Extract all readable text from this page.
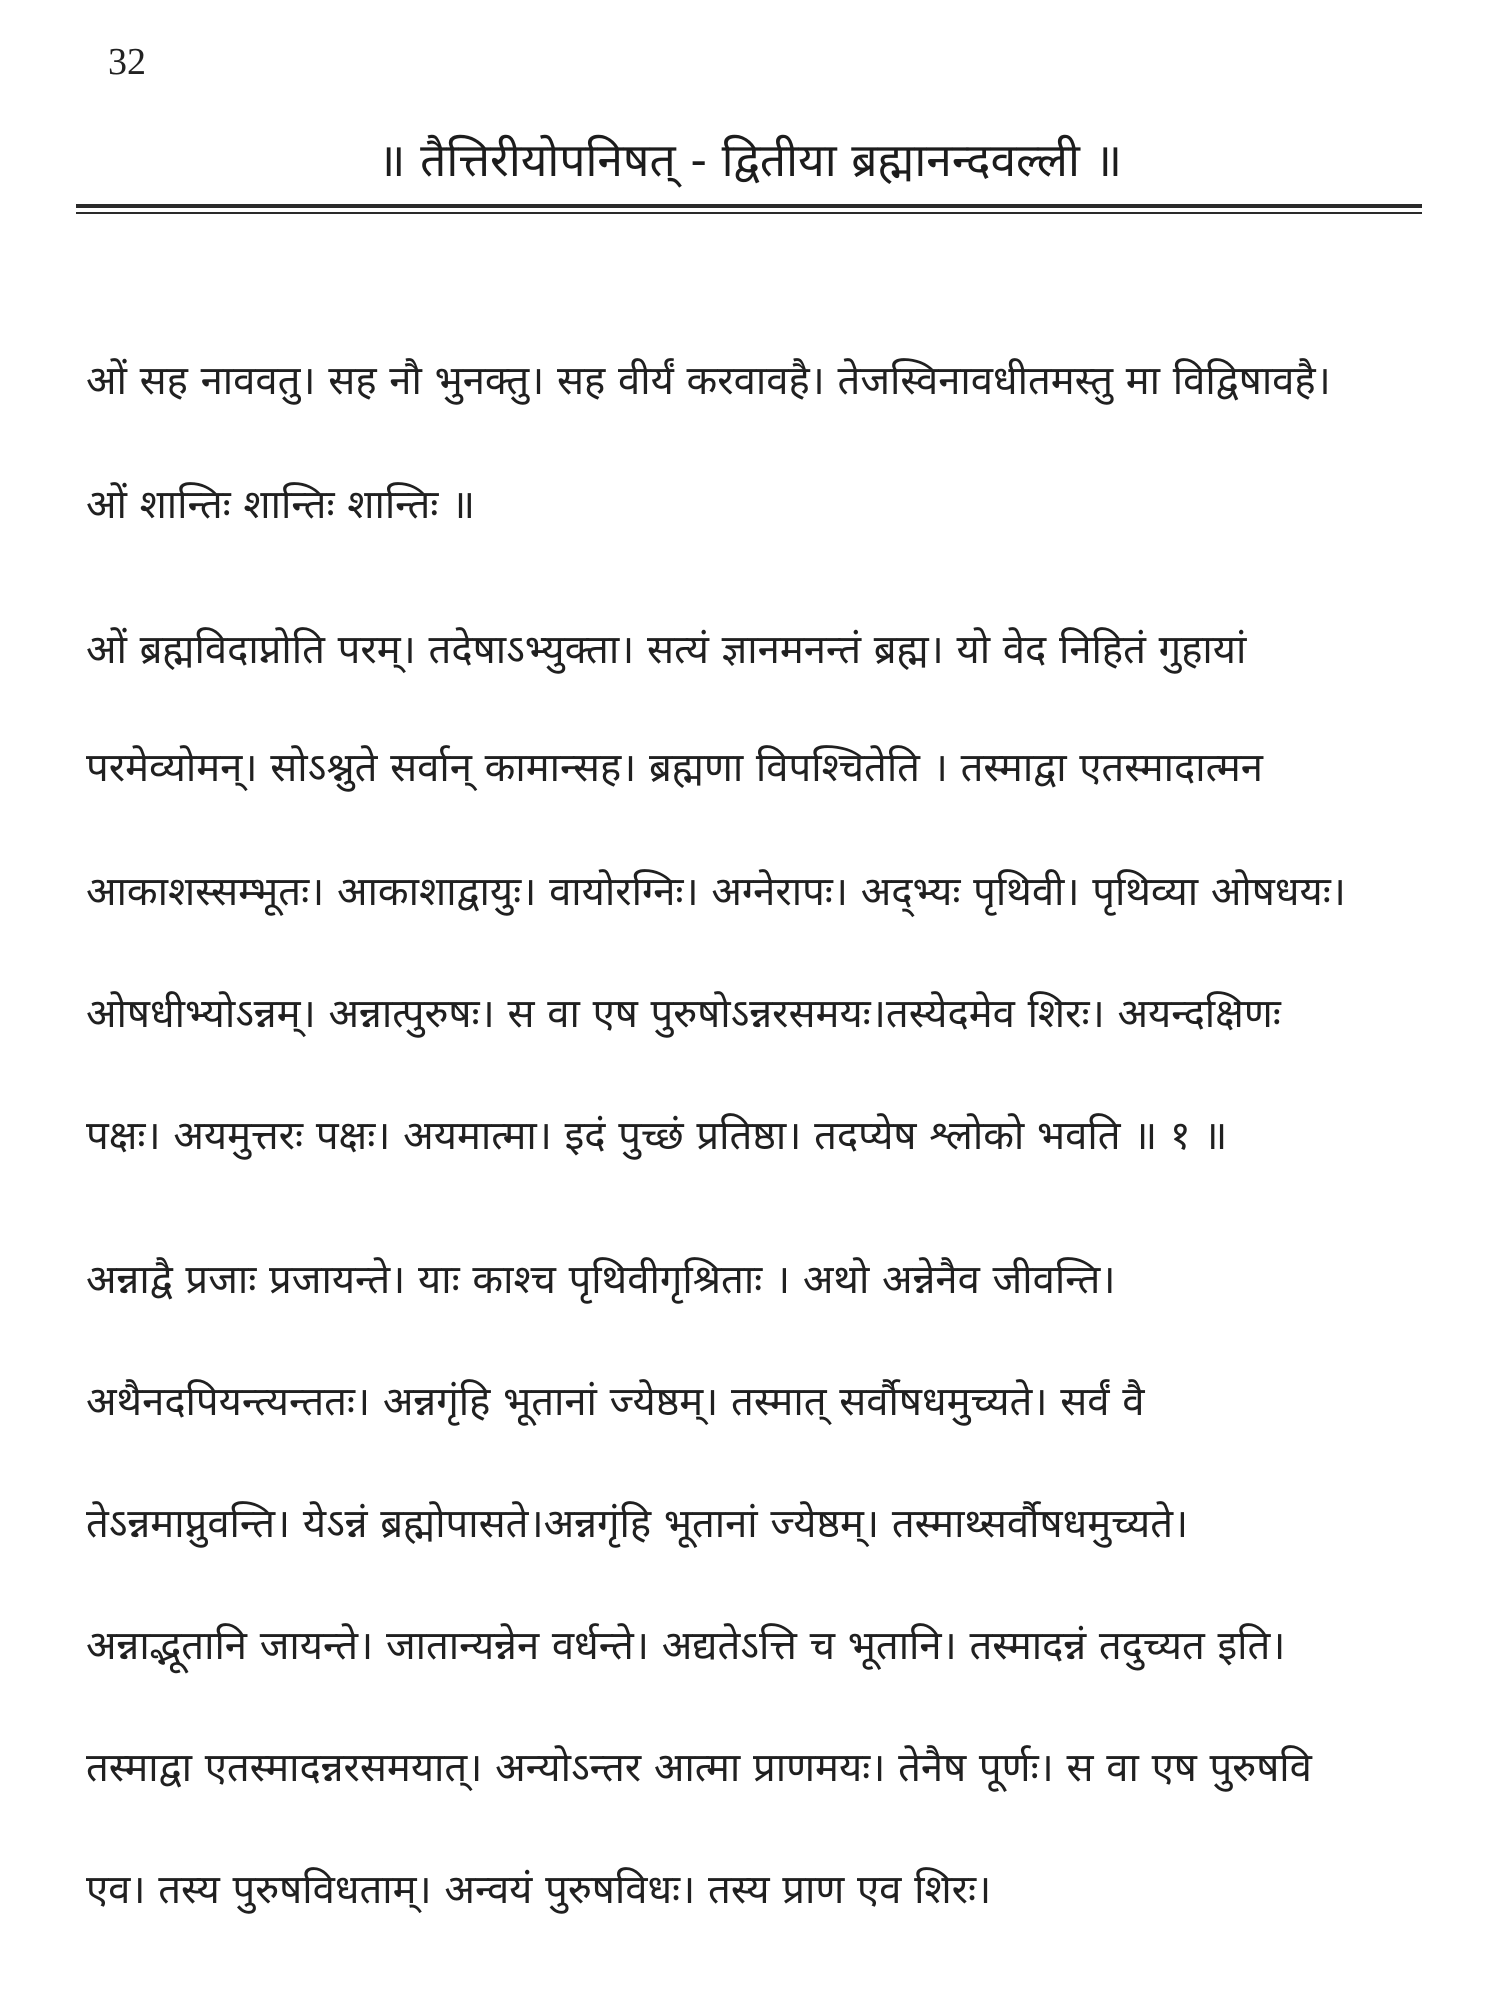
32
॥ तैत्तिरीयोपनिषत् - द्वितीया ब्रह्मानन्दवल्ली ॥
ओं सह नाववतु। सह नौ भुनक्तु। सह वीर्यं करवावहै। तेजस्विनावधीतमस्तु मा विद्विषावहै।
ओं शान्तिः शान्तिः शान्तिः ॥
ओं ब्रह्मविदाप्नोति परम्। तदेषाऽभ्युक्ता। सत्यं ज्ञानमनन्तं ब्रह्म। यो वेद निहितं गुहायां
परमेव्योमन्। सोऽश्नुते सर्वान् कामान्सह। ब्रह्मणा विपश्चितेति । तस्माद्वा एतस्मादात्मन
आकाशस्सम्भूतः। आकाशाद्वायुः। वायोरग्निः। अग्नेरापः। अद्भ्यः पृथिवी। पृथिव्या ओषधयः।
ओषधीभ्योऽन्नम्। अन्नात्पुरुषः। स वा एष पुरुषोऽन्नरसमयः।तस्येदमेव शिरः। अयन्दक्षिणः
पक्षः। अयमुत्तरः पक्षः। अयमात्मा। इदं पुच्छं प्रतिष्ठा। तदप्येष श्लोको भवति ॥ १ ॥
अन्नाद्वै प्रजाः प्रजायन्ते। याः काश्च पृथिवीगृश्रिताः । अथो अन्नेनैव जीवन्ति।
अथैनदपियन्त्यन्ततः। अन्नगृंहि भूतानां ज्येष्ठम्। तस्मात् सर्वौषधमुच्यते। सर्वं वै
तेऽन्नमाप्नुवन्ति। येऽन्नं ब्रह्मोपासते।अन्नगृंहि भूतानां ज्येष्ठम्। तस्माथ्सर्वौषधमुच्यते।
अन्नाद्भूतानि जायन्ते। जातान्यन्नेन वर्धन्ते। अद्यतेऽत्ति च भूतानि। तस्मादन्नं तदुच्यत इति।
तस्माद्वा एतस्मादन्नरसमयात्। अन्योऽन्तर आत्मा प्राणमयः। तेनैष पूर्णः। स वा एष पुरुषवि
एव। तस्य पुरुषविधताम्। अन्वयं पुरुषविधः। तस्य प्राण एव शिरः।
